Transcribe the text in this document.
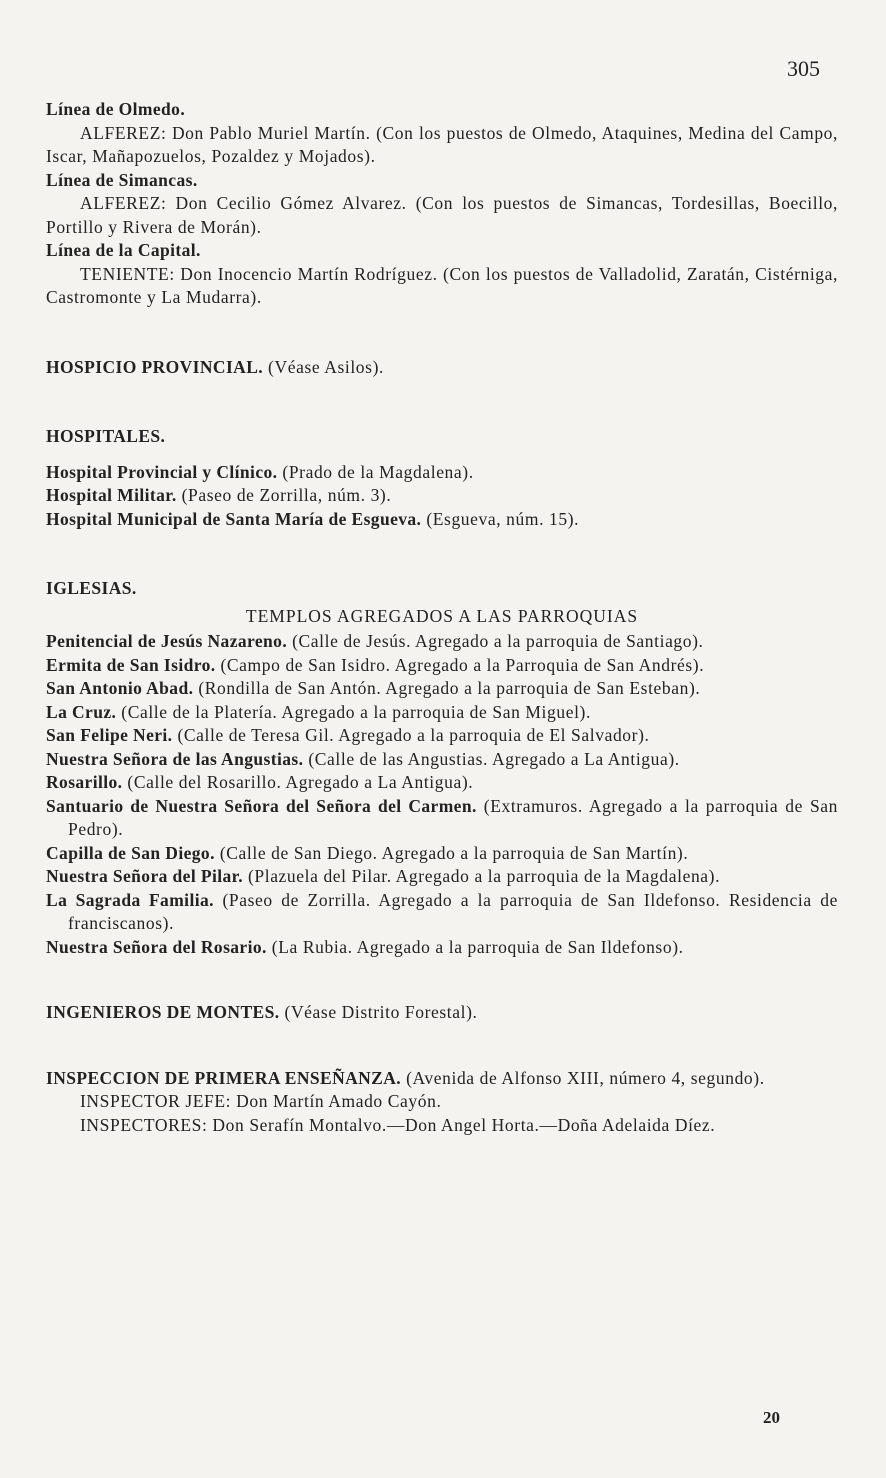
305

Línea de Olmedo.

ALFEREZ: Don Pablo Muriel Martín. (Con los puestos de Olmedo, Ataquines, Medina del Campo, Iscar, Mañapozuelos, Pozaldez y Mojados).

Línea de Simancas.

ALFEREZ: Don Cecilio Gómez Alvarez. (Con los puestos de Simancas, Tordesillas, Boecillo, Portillo y Rivera de Morán).

Línea de la Capital.

TENIENTE: Don Inocencio Martín Rodríguez. (Con los puestos de Valladolid, Zaratán, Cistérniga, Castromonte y La Mudarra).

HOSPICIO PROVINCIAL. (Véase Asilos).

HOSPITALES.

Hospital Provincial y Clínico. (Prado de la Magdalena).

Hospital Militar. (Paseo de Zorrilla, núm. 3).

Hospital Municipal de Santa María de Esgueva. (Esgueva, núm. 15).

IGLESIAS.

TEMPLOS AGREGADOS A LAS PARROQUIAS

Penitencial de Jesús Nazareno. (Calle de Jesús. Agregado a la parroquia de Santiago).

Ermita de San Isidro. (Campo de San Isidro. Agregado a la Parroquia de San Andrés).

San Antonio Abad. (Rondilla de San Antón. Agregado a la parroquia de San Esteban).

La Cruz. (Calle de la Platería. Agregado a la parroquia de San Miguel).

San Felipe Neri. (Calle de Teresa Gil. Agregado a la parroquia de El Salvador).

Nuestra Señora de las Angustias. (Calle de las Angustias. Agregado a La Antigua).

Rosarillo. (Calle del Rosarillo. Agregado a La Antigua).

Santuario de Nuestra Señora del Señora del Carmen. (Extramuros. Agregado a la parroquia de San Pedro).

Capilla de San Diego. (Calle de San Diego. Agregado a la parroquia de San Martín).

Nuestra Señora del Pilar. (Plazuela del Pilar. Agregado a la parroquia de la Magdalena).

La Sagrada Familia. (Paseo de Zorrilla. Agregado a la parroquia de San Ildefonso. Residencia de franciscanos).

Nuestra Señora del Rosario. (La Rubia. Agregado a la parroquia de San Ildefonso).

INGENIEROS DE MONTES. (Véase Distrito Forestal).

INSPECCION DE PRIMERA ENSEÑANZA. (Avenida de Alfonso XIII, número 4, segundo).

INSPECTOR JEFE: Don Martín Amado Cayón.

INSPECTORES: Don Serafín Montalvo.—Don Angel Horta.—Doña Adelaida Díez.

20
